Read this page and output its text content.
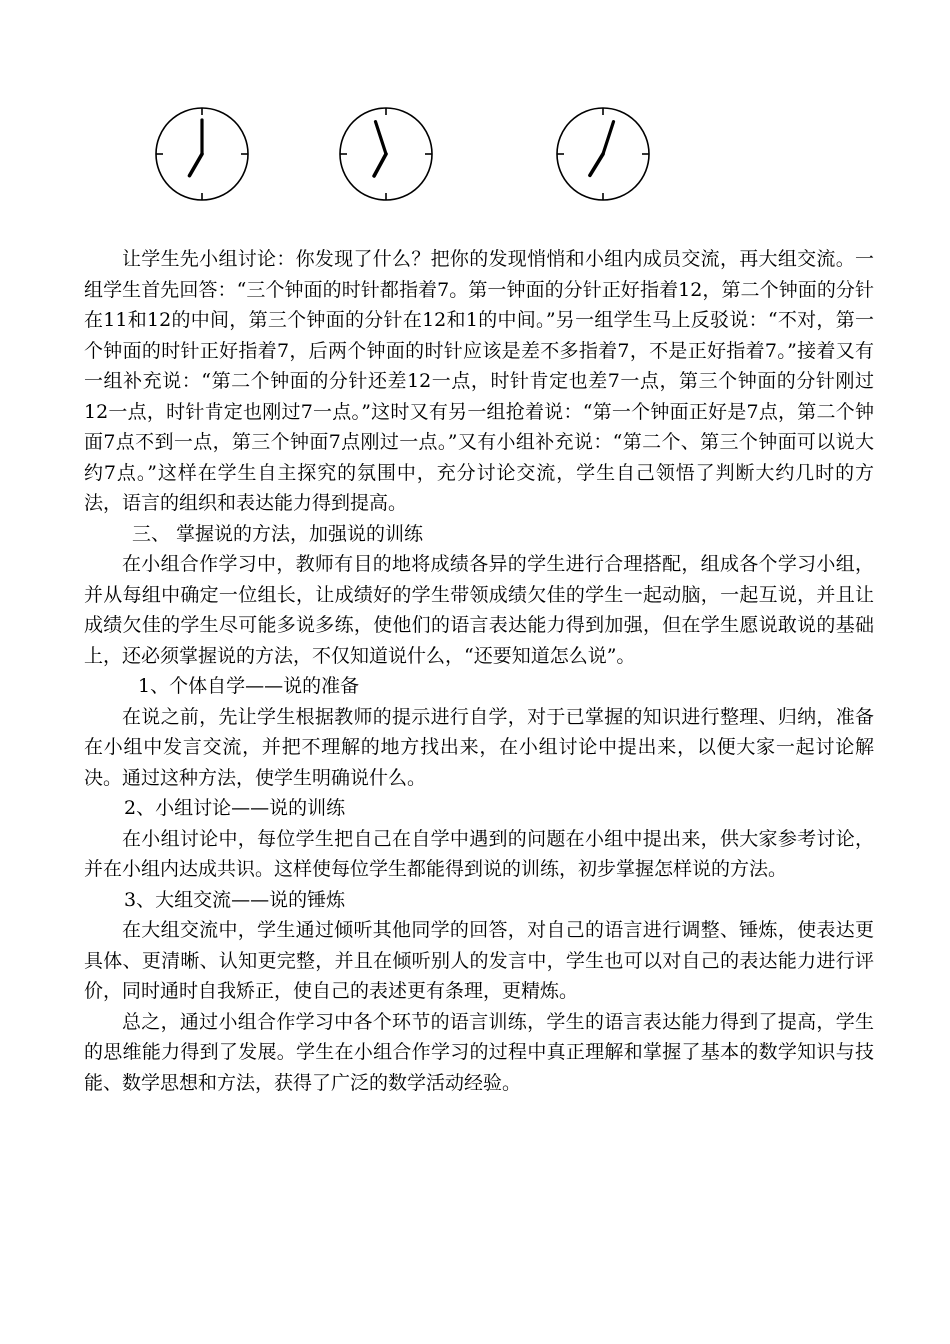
让学生先小组讨论：你发现了什么？把你的发现悄悄和小组内成员交流，再大组交流。一组学生首先回答：“三个钟面的时针都指着7。第一钟面的分针正好指着12，第二个钟面的分针在11和12的中间，第三个钟面的分针在12和1的中间。”另一组学生马上反驳说：“不对，第一个钟面的时针正好指着7，后两个钟面的时针应该是差不多指着7，不是正好指着7。”接着又有一组补充说：“第二个钟面的分针还差12一点，时针肯定也差7一点，第三个钟面的分针刚过12一点，时针肯定也刚过7一点。”这时又有另一组抢着说：“第一个钟面正好是7点，第二个钟面7点不到一点，第三个钟面7点刚过一点。”又有小组补充说：“第二个、第三个钟面可以说大约7点。”这样在学生自主探究的氛围中，充分讨论交流，学生自己领悟了判断大约几时的方法，语言的组织和表达能力得到提高。

三、 掌握说的方法，加强说的训练

在小组合作学习中，教师有目的地将成绩各异的学生进行合理搭配，组成各个学习小组，并从每组中确定一位组长，让成绩好的学生带领成绩欠佳的学生一起动脑，一起互说，并且让成绩欠佳的学生尽可能多说多练，使他们的语言表达能力得到加强，但在学生愿说敢说的基础上，还必须掌握说的方法，不仅知道说什么，“还要知道怎么说”。

1、个体自学——说的准备

在说之前，先让学生根据教师的提示进行自学，对于已掌握的知识进行整理、归纳，准备在小组中发言交流，并把不理解的地方找出来，在小组讨论中提出来，以便大家一起讨论解决。通过这种方法，使学生明确说什么。

2、小组讨论——说的训练

在小组讨论中，每位学生把自己在自学中遇到的问题在小组中提出来，供大家参考讨论，并在小组内达成共识。这样使每位学生都能得到说的训练，初步掌握怎样说的方法。

3、大组交流——说的锤炼

在大组交流中，学生通过倾听其他同学的回答，对自己的语言进行调整、锤炼，使表达更具体、更清晰、认知更完整，并且在倾听别人的发言中，学生也可以对自己的表达能力进行评价，同时通时自我矫正，使自己的表述更有条理，更精炼。

总之，通过小组合作学习中各个环节的语言训练，学生的语言表达能力得到了提高，学生的思维能力得到了发展。学生在小组合作学习的过程中真正理解和掌握了基本的数学知识与技能、数学思想和方法，获得了广泛的数学活动经验。
